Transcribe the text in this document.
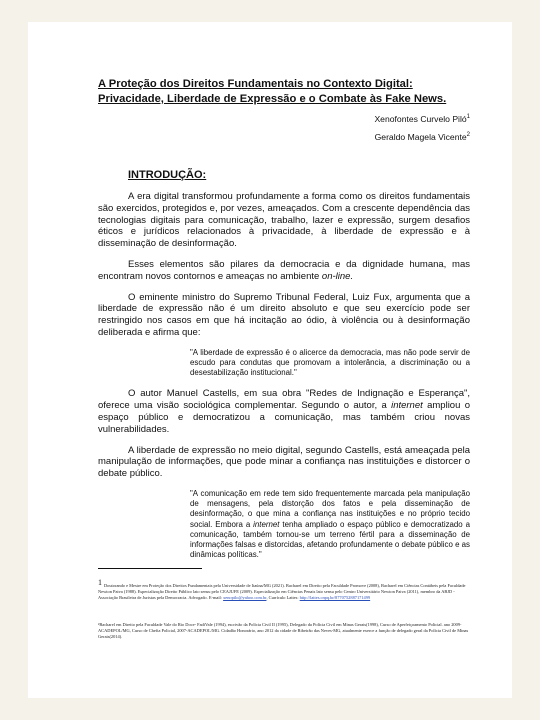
A Proteção dos Direitos Fundamentais no Contexto Digital:
Privacidade, Liberdade de Expressão e o Combate às Fake News.
Xenofontes Curvelo Piló$^1$
Geraldo Magela Vicente$^2$
INTRODUÇÃO:

A era digital transformou profundamente a forma como os direitos fundamentais são exercidos, protegidos e, por vezes, ameaçados. Com a crescente dependência das tecnologias digitais para comunicação, trabalho, lazer e expressão, surgem desafios éticos e jurídicos relacionados à privacidade, à liberdade de expressão e à disseminação de desinformação.

Esses elementos são pilares da democracia e da dignidade humana, mas encontram novos contornos e ameaças no ambiente on-line.

O eminente ministro do Supremo Tribunal Federal, Luiz Fux, argumenta que a liberdade de expressão não é um direito absoluto e que seu exercício pode ser restringido nos casos em que há incitação ao ódio, à violência ou à desinformação deliberada e afirma que:

"A liberdade de expressão é o alicerce da democracia, mas não pode servir de escudo para condutas que promovam a intolerância, a discriminação ou a desestabilização institucional."

O autor Manuel Castells, em sua obra "Redes de Indignação e Esperança", oferece uma visão sociológica complementar. Segundo o autor, a internet ampliou o espaço público e democratizou a comunicação, mas também criou novas vulnerabilidades.

A liberdade de expressão no meio digital, segundo Castells, está ameaçada pela manipulação de informações, que pode minar a confiança nas instituições e distorcer o debate público.

"A comunicação em rede tem sido frequentemente marcada pela manipulação de mensagens, pela distorção dos fatos e pela disseminação de desinformação, o que mina a confiança nas instituições e no próprio tecido social. Embora a internet tenha ampliado o espaço público e democratizado a comunicação, também tornou-se um terreno fértil para a disseminação de informações falsas e distorcidas, afetando profundamente o debate público e as dinâmicas políticas."
1 Doutorando e Mestre em Proteção dos Direitos Fundamentais pela Universidade de Itaúna/MG (2021). Bacharel em Direito pela Faculdade Promove (2008), Bacharel em Ciências Contábeis pela Faculdade Newton Paiva (1988). Especialização Direito Público lato sensu pelo CEAJUFE (2009). Especialização em Ciências Penais lato sensu pelo Centro Universitário Newton Paiva (2011), membro da ABJD - Associação Brasileira de Juristas pela Democracia. Advogado. E-mail: xenopilo@yahoo.com.br, Currículo Lattes: http://lattes.cnpq.br/8770752887171499
²Bacharel em Direito pela Faculdade Vale do Rio Doce- FadiVale (1994), escrivão da Polícia Civil II (1995), Delegado da Polícia Civil em Minas Gerais(1998), Curso de Aperfeiçoamento Policial. ano 2009- ACADEPOL/MG, Curso de Chefia Policial, 2007-ACADEPOL/MG. Cidadão Honorário, ano 2012 da cidade de Ribeirão das Neves-MG, atualmente exerce a função de delegado geral da Polícia Civil de Minas Gerais(2014).
